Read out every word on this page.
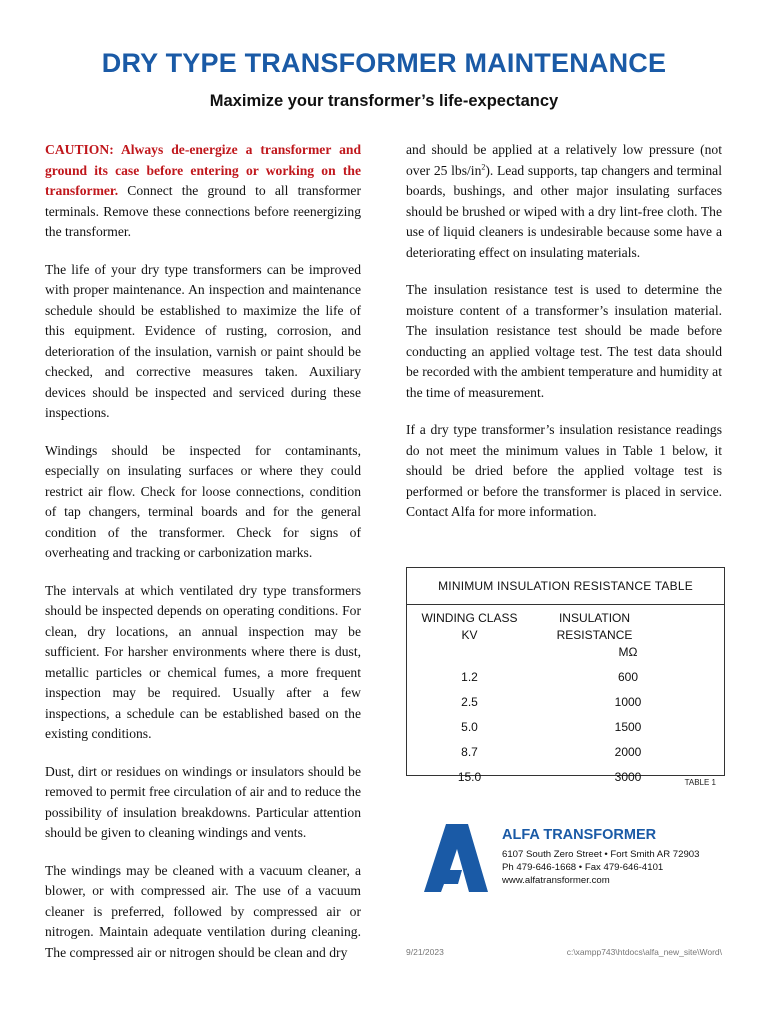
DRY TYPE TRANSFORMER MAINTENANCE
Maximize your transformer’s life-expectancy

CAUTION: Always de-energize a transformer and ground its case before entering or working on the transformer. Connect the ground to all transformer terminals. Remove these connections before reenergizing the transformer.

The life of your dry type transformers can be improved with proper maintenance. An inspection and maintenance schedule should be established to maximize the life of this equipment. Evidence of rusting, corrosion, and deterioration of the insulation, varnish or paint should be checked, and corrective measures taken. Auxiliary devices should be inspected and serviced during these inspections.

Windings should be inspected for contaminants, especially on insulating surfaces or where they could restrict air flow. Check for loose connections, condition of tap changers, terminal boards and for the general condition of the transformer. Check for signs of overheating and tracking or carbonization marks.

The intervals at which ventilated dry type transformers should be inspected depends on operating conditions. For clean, dry locations, an annual inspection may be sufficient. For harsher environments where there is dust, metallic particles or chemical fumes, a more frequent inspection may be required. Usually after a few inspections, a schedule can be established based on the existing conditions.

Dust, dirt or residues on windings or insulators should be removed to permit free circulation of air and to reduce the possibility of insulation breakdowns. Particular attention should be given to cleaning windings and vents.

The windings may be cleaned with a vacuum cleaner, a blower, or with compressed air. The use of a vacuum cleaner is preferred, followed by compressed air or nitrogen. Maintain adequate ventilation during cleaning. The compressed air or nitrogen should be clean and dry

and should be applied at a relatively low pressure (not over 25 lbs/$in^2$). Lead supports, tap changers and terminal boards, bushings, and other major insulating surfaces should be brushed or wiped with a dry lint-free cloth. The use of liquid cleaners is undesirable because some have a deteriorating effect on insulating materials.

The insulation resistance test is used to determine the moisture content of a transformer’s insulation material. The insulation resistance test should be made before conducting an applied voltage test. The test data should be recorded with the ambient temperature and humidity at the time of measurement.

If a dry type transformer’s insulation resistance readings do not meet the minimum values in Table 1 below, it should be dried before the applied voltage test is performed or before the transformer is placed in service. Contact Alfa for more information.

MINIMUM INSULATION RESISTANCE TABLE
WINDING CLASS
KV
INSULATION RESISTANCE
MΩ
1.2	600
2.5	1000
5.0	1500
8.7	2000
15.0	3000	TABLE 1
ALFA TRANSFORMER
6107 South Zero Street • Fort Smith AR 72903
Ph 479-646-1668 • Fax 479-646-4101
www.alfatransformer.com
9/21/2023	c:\xampp743\htdocs\alfa_new_site\Word\
